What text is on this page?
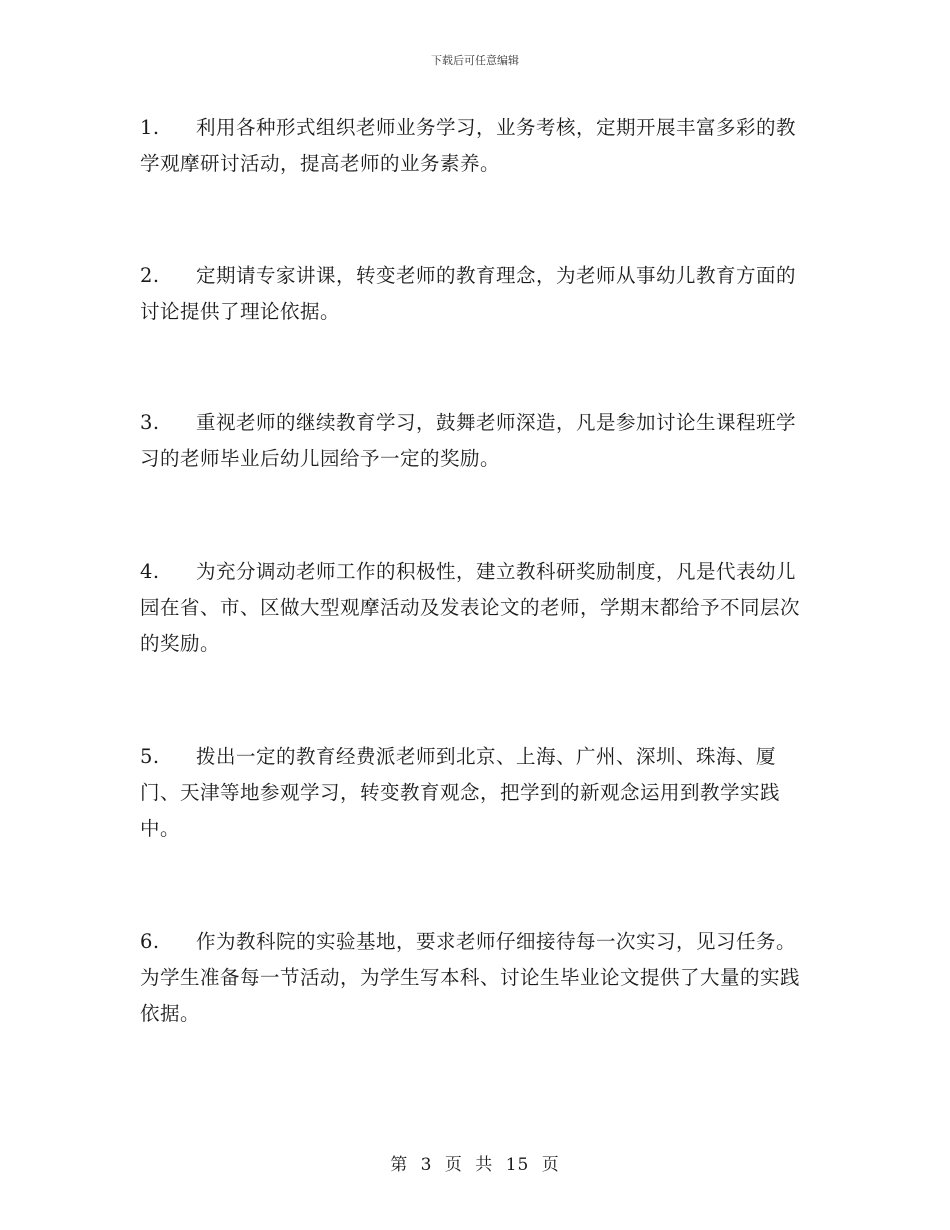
下载后可任意编辑
1. 利用各种形式组织老师业务学习，业务考核，定期开展丰富多彩的教学观摩研讨活动，提高老师的业务素养。
2. 定期请专家讲课，转变老师的教育理念，为老师从事幼儿教育方面的讨论提供了理论依据。
3. 重视老师的继续教育学习，鼓舞老师深造，凡是参加讨论生课程班学习的老师毕业后幼儿园给予一定的奖励。
4. 为充分调动老师工作的积极性，建立教科研奖励制度，凡是代表幼儿园在省、市、区做大型观摩活动及发表论文的老师，学期末都给予不同层次的奖励。
5. 拨出一定的教育经费派老师到北京、上海、广州、深圳、珠海、厦门、天津等地参观学习，转变教育观念，把学到的新观念运用到教学实践中。
6. 作为教科院的实验基地，要求老师仔细接待每一次实习，见习任务。为学生准备每一节活动，为学生写本科、讨论生毕业论文提供了大量的实践依据。
第 3 页 共 15 页
